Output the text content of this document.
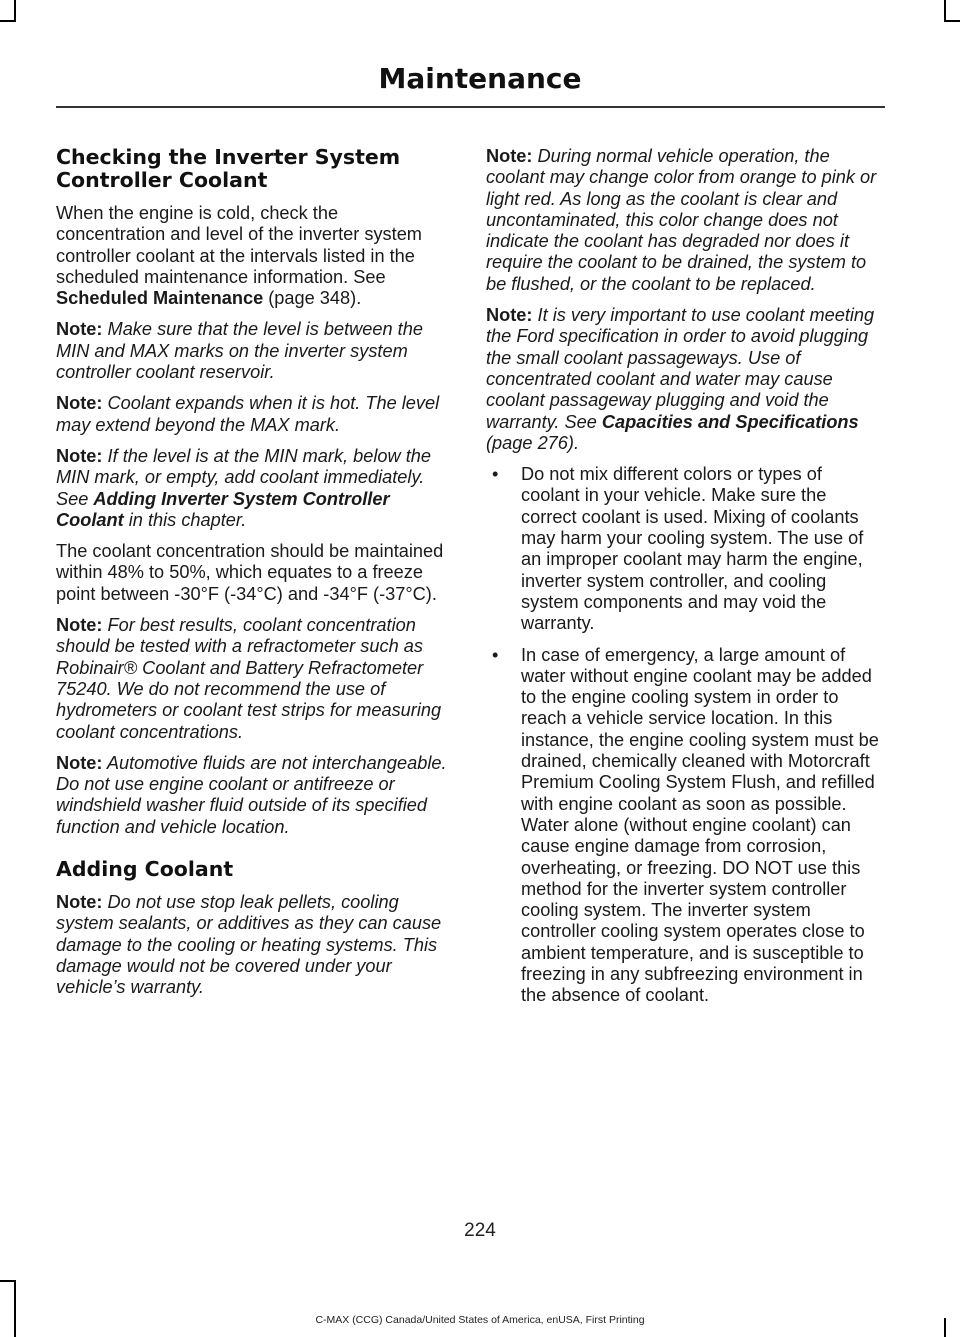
Maintenance
Checking the Inverter System Controller Coolant

When the engine is cold, check the concentration and level of the inverter system controller coolant at the intervals listed in the scheduled maintenance information. See Scheduled Maintenance (page 348).

Note: Make sure that the level is between the MIN and MAX marks on the inverter system controller coolant reservoir.

Note: Coolant expands when it is hot. The level may extend beyond the MAX mark.

Note: If the level is at the MIN mark, below the MIN mark, or empty, add coolant immediately. See Adding Inverter System Controller Coolant in this chapter.

The coolant concentration should be maintained within 48% to 50%, which equates to a freeze point between -30°F (-34°C) and -34°F (-37°C).

Note: For best results, coolant concentration should be tested with a refractometer such as Robinair® Coolant and Battery Refractometer 75240. We do not recommend the use of hydrometers or coolant test strips for measuring coolant concentrations.

Note: Automotive fluids are not interchangeable. Do not use engine coolant or antifreeze or windshield washer fluid outside of its specified function and vehicle location.

Adding Coolant

Note: Do not use stop leak pellets, cooling system sealants, or additives as they can cause damage to the cooling or heating systems. This damage would not be covered under your vehicle’s warranty.

Note: During normal vehicle operation, the coolant may change color from orange to pink or light red. As long as the coolant is clear and uncontaminated, this color change does not indicate the coolant has degraded nor does it require the coolant to be drained, the system to be flushed, or the coolant to be replaced.

Note: It is very important to use coolant meeting the Ford specification in order to avoid plugging the small coolant passageways. Use of concentrated coolant and water may cause coolant passageway plugging and void the warranty. See Capacities and Specifications (page 276).

• Do not mix different colors or types of coolant in your vehicle. Make sure the correct coolant is used. Mixing of coolants may harm your cooling system. The use of an improper coolant may harm the engine, inverter system controller, and cooling system components and may void the warranty.
• In case of emergency, a large amount of water without engine coolant may be added to the engine cooling system in order to reach a vehicle service location. In this instance, the engine cooling system must be drained, chemically cleaned with Motorcraft Premium Cooling System Flush, and refilled with engine coolant as soon as possible. Water alone (without engine coolant) can cause engine damage from corrosion, overheating, or freezing. DO NOT use this method for the inverter system controller cooling system. The inverter system controller cooling system operates close to ambient temperature, and is susceptible to freezing in any subfreezing environment in the absence of coolant.
224
C-MAX (CCG) Canada/United States of America, enUSA, First Printing
